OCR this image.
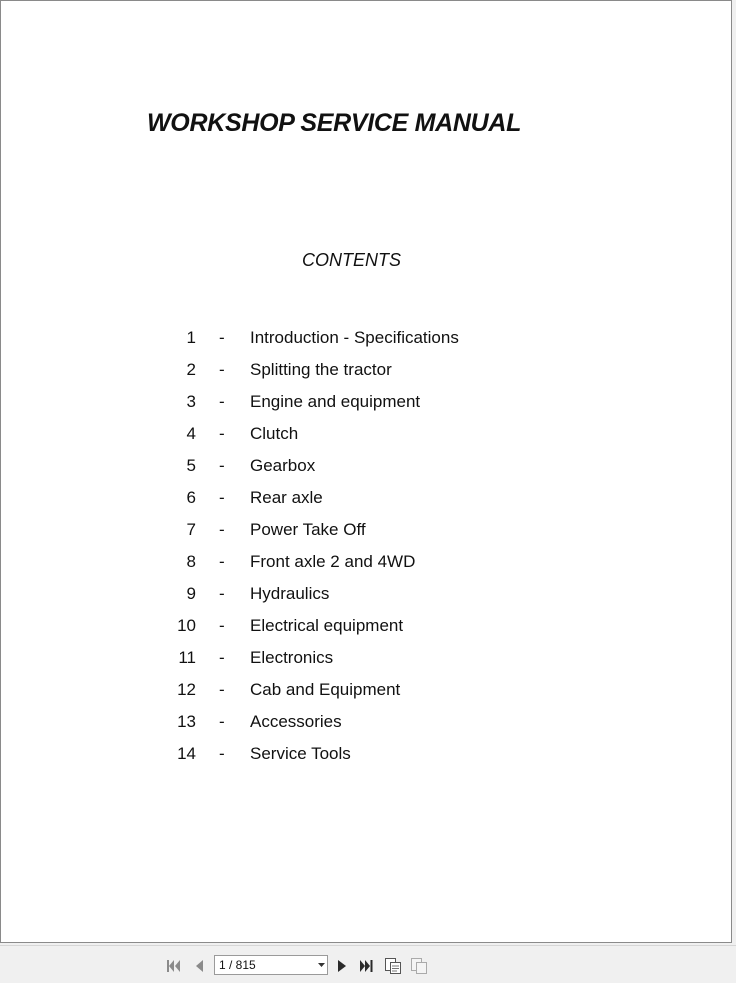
WORKSHOP SERVICE MANUAL
CONTENTS
1 - Introduction - Specifications
2 - Splitting the tractor
3 - Engine and equipment
4 - Clutch
5 - Gearbox
6 - Rear axle
7 - Power Take Off
8 - Front axle 2 and 4WD
9 - Hydraulics
10 - Electrical equipment
11 - Electronics
12 - Cab and Equipment
13 - Accessories
14 - Service Tools
1 / 815
